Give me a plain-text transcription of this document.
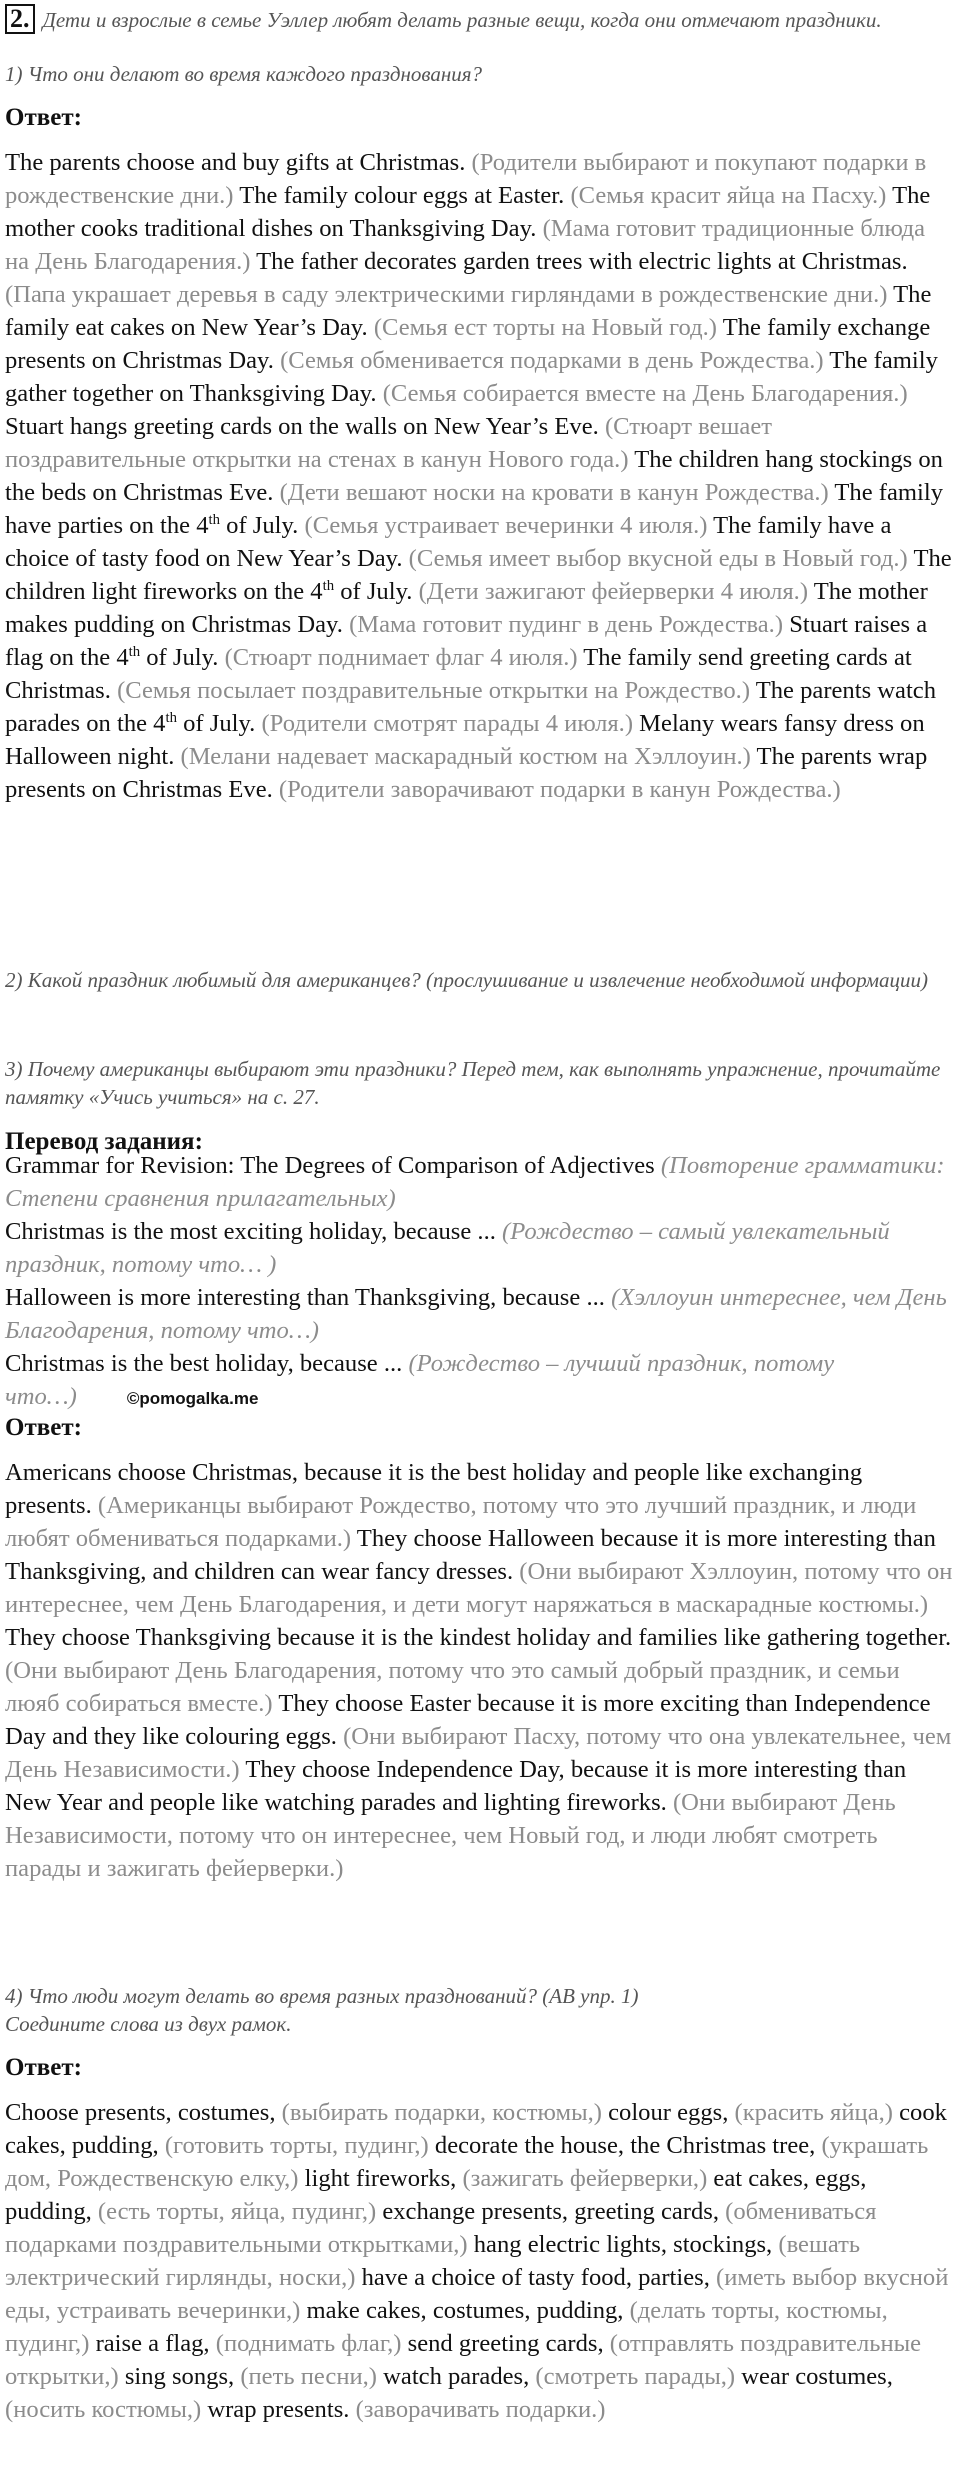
2. Дети и взрослые в семье Уэллер любят делать разные вещи, когда они отмечают праздники.
1) Что они делают во время каждого празднования?
Ответ:
The parents choose and buy gifts at Christmas. (Родители выбирают и покупают подарки в рождественские дни.) The family colour eggs at Easter. (Семья красит яйца на Пасху.) The mother cooks traditional dishes on Thanksgiving Day. (Мама готовит традиционные блюда на День Благодарения.) The father decorates garden trees with electric lights at Christmas. (Папа украшает деревья в саду электрическими гирляндами в рождественские дни.) The family eat cakes on New Year’s Day. (Семья ест торты на Новый год.) The family exchange presents on Christmas Day. (Семья обменивается подарками в день Рождества.) The family gather together on Thanksgiving Day. (Семья собирается вместе на День Благодарения.) Stuart hangs greeting cards on the walls on New Year’s Eve. (Стюарт вешает поздравительные открытки на стенах в канун Нового года.) The children hang stockings on the beds on Christmas Eve. (Дети вешают носки на кровати в канун Рождества.) The family have parties on the 4th of July. (Семья устраивает вечеринки 4 июля.) The family have a choice of tasty food on New Year’s Day. (Семья имеет выбор вкусной еды в Новый год.) The children light fireworks on the 4th of July. (Дети зажигают фейерверки 4 июля.) The mother makes pudding on Christmas Day. (Мама готовит пудинг в день Рождества.) Stuart raises a flag on the 4th of July. (Стюарт поднимает флаг 4 июля.) The family send greeting cards at Christmas. (Семья посылает поздравительные открытки на Рождество.) The parents watch parades on the 4th of July. (Родители смотрят парады 4 июля.) Melany wears fansy dress on Halloween night. (Мелани надевает маскарадный костюм на Хэллоуин.) The parents wrap presents on Christmas Eve. (Родители заворачивают подарки в канун Рождества.)
2) Какой праздник любимый для американцев? (прослушивание и извлечение необходимой информации)
3) Почему американцы выбирают эти праздники? Перед тем, как выполнять упражнение, прочитайте памятку «Учись учиться» на с. 27.
Перевод задания:
Grammar for Revision: The Degrees of Comparison of Adjectives (Повторение грамматики: Степени сравнения прилагательных)
Christmas is the most exciting holiday, because ... (Рождество – самый увлекательный праздник, потому что… )
Halloween is more interesting than Thanksgiving, because ... (Хэллоуин интереснее, чем День Благодарения, потому что…)
Christmas is the best holiday, because ... (Рождество – лучший праздник, потому что…)	©pomogalka.me
Ответ:
Americans choose Christmas, because it is the best holiday and people like exchanging presents. (Американцы выбирают Рождество, потому что это лучший праздник, и люди любят обмениваться подарками.) They choose Halloween because it is more interesting than Thanksgiving, and children can wear fancy dresses. (Они выбирают Хэллоуин, потому что он интереснее, чем День Благодарения, и дети могут наряжаться в маскарадные костюмы.) They choose Thanksgiving because it is the kindest holiday and families like gathering together. (Они выбирают День Благодарения, потому что это самый добрый праздник, и семьи люяб собираться вместе.) They choose Easter because it is more exciting than Independence Day and they like colouring eggs. (Они выбирают Пасху, потому что она увлекательнее, чем День Независимости.) They choose Independence Day, because it is more interesting than New Year and people like watching parades and lighting fireworks. (Они выбирают День Независимости, потому что он интереснее, чем Новый год, и люди любят смотреть парады и зажигать фейерверки.)
4) Что люди могут делать во время разных празднований? (АВ упр. 1)
Соедините слова из двух рамок.
Ответ:
Choose presents, costumes, (выбирать подарки, костюмы,) colour eggs, (красить яйца,) cook cakes, pudding, (готовить торты, пудинг,) decorate the house, the Christmas tree, (украшать дом, Рождественскую елку,) light fireworks, (зажигать фейерверки,) eat cakes, eggs, pudding, (есть торты, яйца, пудинг,) exchange presents, greeting cards, (обмениваться подарками поздравительными открытками,) hang electric lights, stockings, (вешать электрический гирлянды, носки,) have a choice of tasty food, parties, (иметь выбор вкусной еды, устраивать вечеринки,) make cakes, costumes, pudding, (делать торты, костюмы, пудинг,) raise a flag, (поднимать флаг,) send greeting cards, (отправлять поздравительные открытки,) sing songs, (петь песни,) watch parades, (смотреть парады,) wear costumes, (носить костюмы,) wrap presents. (заворачивать подарки.)
